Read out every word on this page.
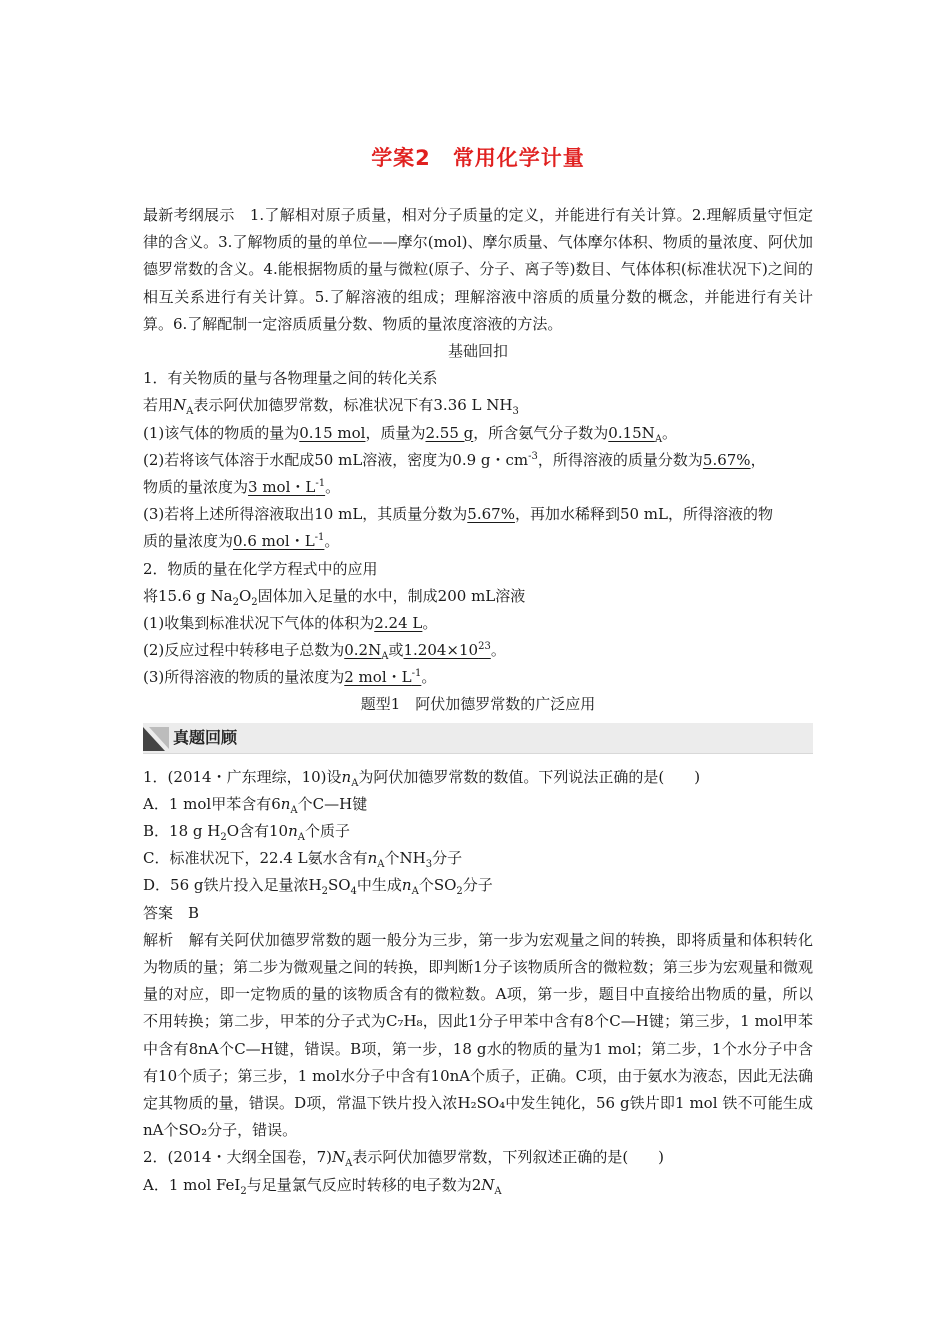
学案2 常用化学计量
最新考纲展示　 1.了解相对原子质量，相对分子质量的定义，并能进行有关计算。2.理解质量守恒定律的含义。3.了解物质的量的单位——摩尔(mol)、摩尔质量、气体摩尔体积、物质的量浓度、阿伏加德罗常数的含义。4.能根据物质的量与微粒(原子、分子、离子等)数目、气体体积(标准状况下)之间的相互关系进行有关计算。5.了解溶液的组成；理解溶液中溶质的质量分数的概念，并能进行有关计算。6.了解配制一定溶质质量分数、物质的量浓度溶液的方法。
基础回扣
1．有关物质的量与各物理量之间的转化关系
若用$N_A$表示阿伏加德罗常数，标准状况下有3.36 L $NH_3$
(1)该气体的物质的量为0.15 mol，质量为2.55 g，所含氨气分子数为$0.15N_A$。
(2)若将该气体溶于水配成50 mL溶液，密度为0.9 g・$cm^{-3}$，所得溶液的质量分数为5.67%，
物质的量浓度为3 mol・$L^{-1}$。
(3)若将上述所得溶液取出10 mL，其质量分数为5.67%，再加水稀释到50 mL，所得溶液的物
质的量浓度为0.6 mol・$L^{-1}$。
2．物质的量在化学方程式中的应用
将15.6 g $Na_2O_2$固体加入足量的水中，制成200 mL溶液
(1)收集到标准状况下气体的体积为2.24 L。
(2)反应过程中转移电子总数为$0.2N_A$或$1.204\times 10^{23}$。
(3)所得溶液的物质的量浓度为2 mol・$L^{-1}$。
题型1　阿伏加德罗常数的广泛应用
真题回顾
1．(2014・广东理综，10)设$n_A$为阿伏加德罗常数的数值。下列说法正确的是(　　)
A．1 mol甲苯含有$6n_A$个C—H键
B．18 g $H_2O$含有$10n_A$个质子
C．标准状况下，22.4 L氨水含有$n_A$个$NH_3$分子
D．56 g铁片投入足量浓$H_2SO_4$中生成$n_A$个$SO_2$分子
答案　B
解析　解有关阿伏加德罗常数的题一般分为三步，第一步为宏观量之间的转换，即将质量和体积转化为物质的量；第二步为微观量之间的转换，即判断1分子该物质所含的微粒数；第三步为宏观量和微观量的对应，即一定物质的量的该物质含有的微粒数。A项，第一步，题目中直接给出物质的量，所以不用转换；第二步，甲苯的分子式为C₇H₈，因此1分子甲苯中含有8个C—H键；第三步，1 mol甲苯中含有8nA个C—H键，错误。B项，第一步，18 g水的物质的量为1 mol；第二步，1个水分子中含有10个质子；第三步，1 mol水分子中含有10nA个质子，正确。C项，由于氨水为液态，因此无法确定其物质的量，错误。D项，常温下铁片投入浓H₂SO₄中发生钝化，56 g铁片即1 mol 铁不可能生成nA个SO₂分子，错误。
2．(2014・大纲全国卷，$7)N_A$表示阿伏加德罗常数，下列叙述正确的是(　　)
A．1 mol FeI$_2$与足量氯气反应时转移的电子数为$2N_A$
